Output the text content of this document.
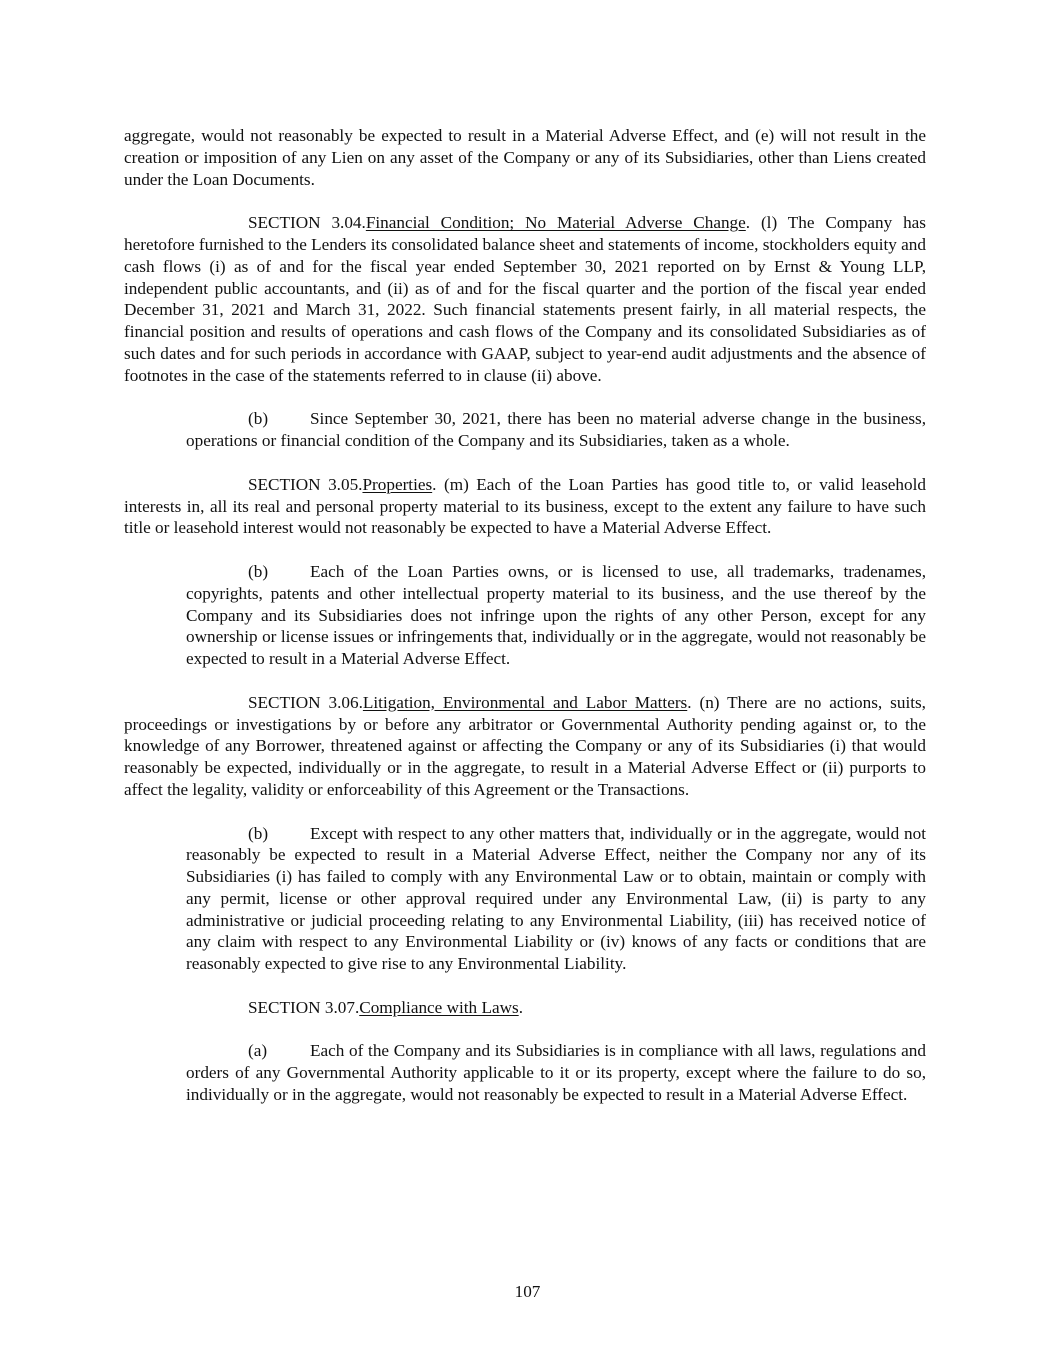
aggregate, would not reasonably be expected to result in a Material Adverse Effect, and (e) will not result in the creation or imposition of any Lien on any asset of the Company or any of its Subsidiaries, other than Liens created under the Loan Documents.

SECTION 3.04.Financial Condition; No Material Adverse Change. (l) The Company has heretofore furnished to the Lenders its consolidated balance sheet and statements of income, stockholders equity and cash flows (i) as of and for the fiscal year ended September 30, 2021 reported on by Ernst & Young LLP, independent public accountants, and (ii) as of and for the fiscal quarter and the portion of the fiscal year ended December 31, 2021 and March 31, 2022. Such financial statements present fairly, in all material respects, the financial position and results of operations and cash flows of the Company and its consolidated Subsidiaries as of such dates and for such periods in accordance with GAAP, subject to year-end audit adjustments and the absence of footnotes in the case of the statements referred to in clause (ii) above.

(b) Since September 30, 2021, there has been no material adverse change in the business, operations or financial condition of the Company and its Subsidiaries, taken as a whole.

SECTION 3.05.Properties. (m) Each of the Loan Parties has good title to, or valid leasehold interests in, all its real and personal property material to its business, except to the extent any failure to have such title or leasehold interest would not reasonably be expected to have a Material Adverse Effect.

(b) Each of the Loan Parties owns, or is licensed to use, all trademarks, tradenames, copyrights, patents and other intellectual property material to its business, and the use thereof by the Company and its Subsidiaries does not infringe upon the rights of any other Person, except for any ownership or license issues or infringements that, individually or in the aggregate, would not reasonably be expected to result in a Material Adverse Effect.

SECTION 3.06.Litigation, Environmental and Labor Matters. (n) There are no actions, suits, proceedings or investigations by or before any arbitrator or Governmental Authority pending against or, to the knowledge of any Borrower, threatened against or affecting the Company or any of its Subsidiaries (i) that would reasonably be expected, individually or in the aggregate, to result in a Material Adverse Effect or (ii) purports to affect the legality, validity or enforceability of this Agreement or the Transactions.

(b) Except with respect to any other matters that, individually or in the aggregate, would not reasonably be expected to result in a Material Adverse Effect, neither the Company nor any of its Subsidiaries (i) has failed to comply with any Environmental Law or to obtain, maintain or comply with any permit, license or other approval required under any Environmental Law, (ii) is party to any administrative or judicial proceeding relating to any Environmental Liability, (iii) has received notice of any claim with respect to any Environmental Liability or (iv) knows of any facts or conditions that are reasonably expected to give rise to any Environmental Liability.

SECTION 3.07.Compliance with Laws.

(a) Each of the Company and its Subsidiaries is in compliance with all laws, regulations and orders of any Governmental Authority applicable to it or its property, except where the failure to do so, individually or in the aggregate, would not reasonably be expected to result in a Material Adverse Effect.

107
